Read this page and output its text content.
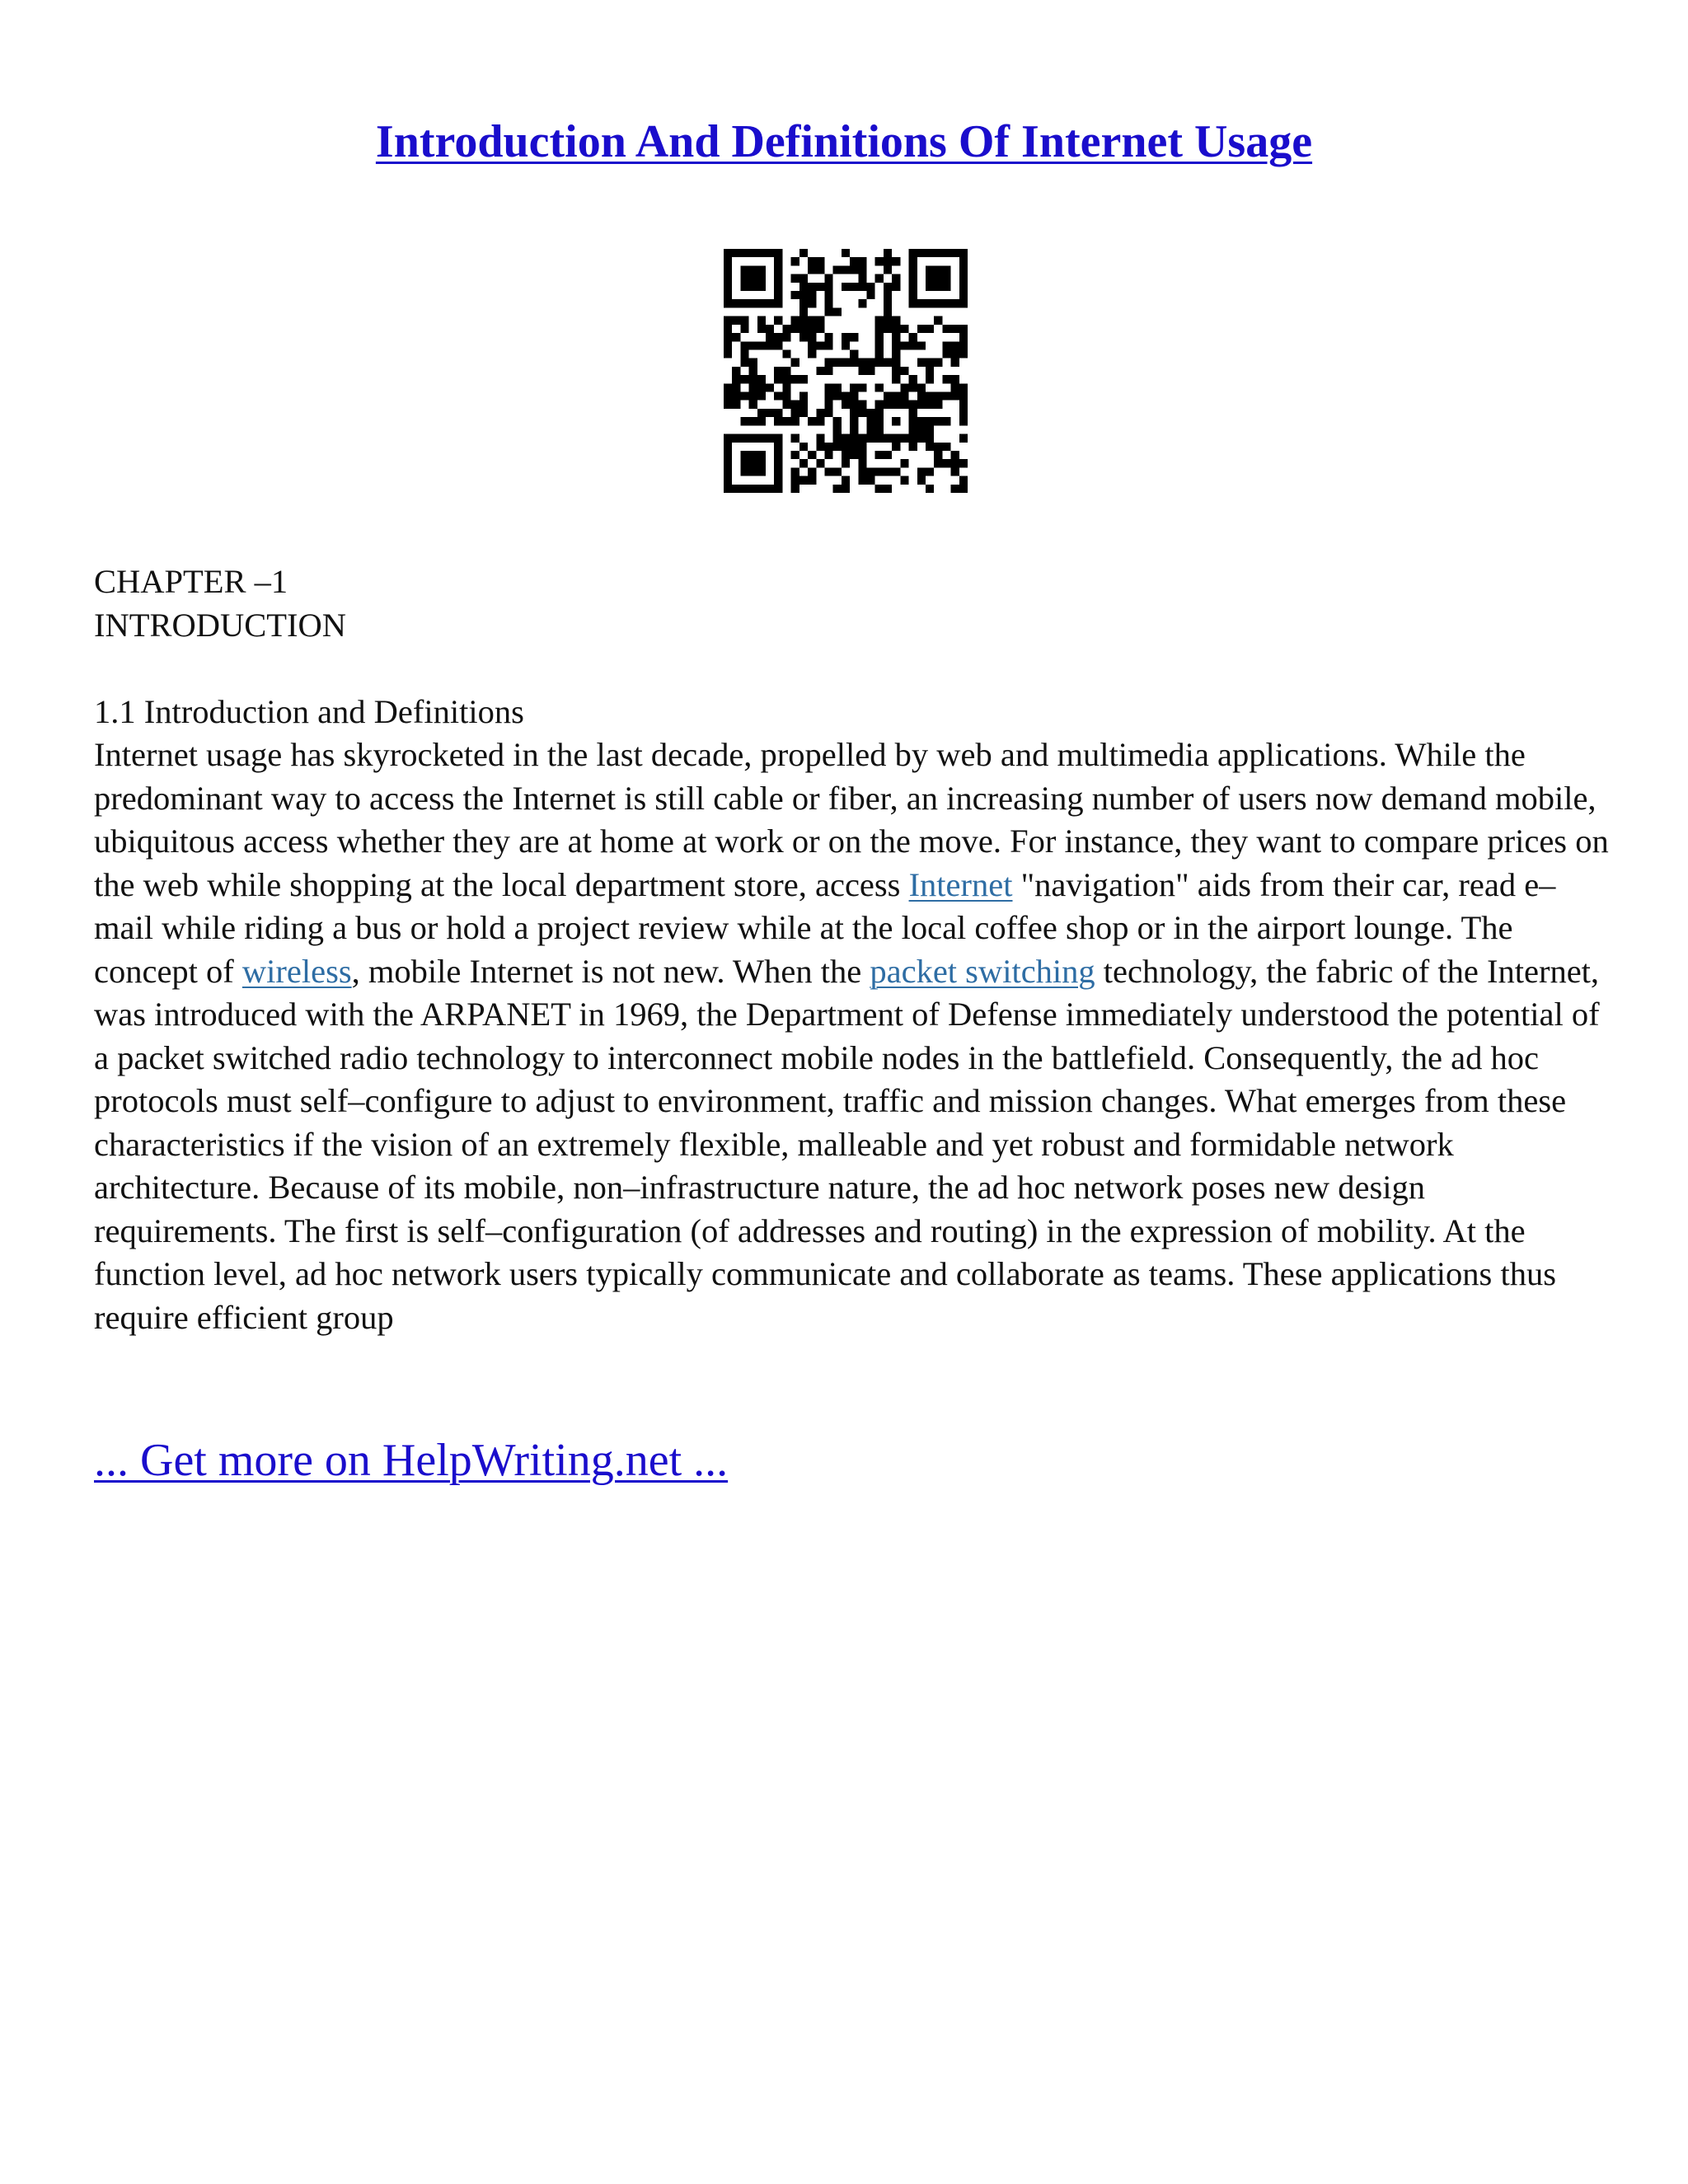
Introduction And Definitions Of Internet Usage
CHAPTER –1
INTRODUCTION
1.1 Introduction and Definitions
Internet usage has skyrocketed in the last decade, propelled by web and multimedia applications. While the predominant way to access the Internet is still cable or fiber, an increasing number of users now demand mobile, ubiquitous access whether they are at home at work or on the move. For instance, they want to compare prices on the web while shopping at the local department store, access Internet "navigation" aids from their car, read e–mail while riding a bus or hold a project review while at the local coffee shop or in the airport lounge. The concept of wireless, mobile Internet is not new. When the packet switching technology, the fabric of the Internet, was introduced with the ARPANET in 1969, the Department of Defense immediately understood the potential of a packet switched radio technology to interconnect mobile nodes in the battlefield. Consequently, the ad hoc protocols must self–configure to adjust to environment, traffic and mission changes. What emerges from these characteristics if the vision of an extremely flexible, malleable and yet robust and formidable network architecture. Because of its mobile, non–infrastructure nature, the ad hoc network poses new design requirements. The first is self–configuration (of addresses and routing) in the expression of mobility. At the function level, ad hoc network users typically communicate and collaborate as teams. These applications thus require efficient group
... Get more on HelpWriting.net ...
